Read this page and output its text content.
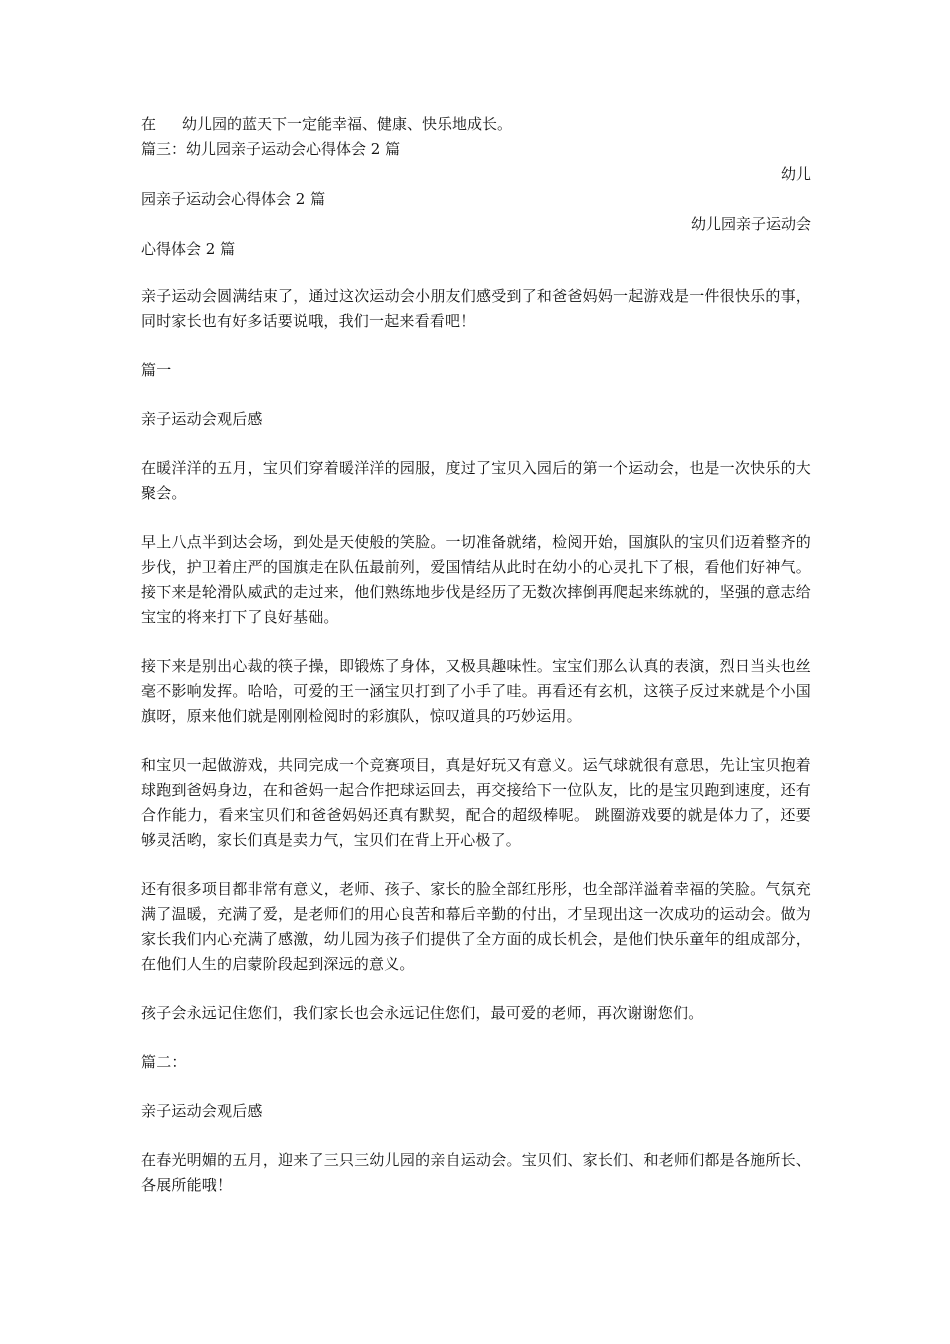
在 幼儿园的蓝天下一定能幸福、健康、快乐地成长。
篇三：幼儿园亲子运动会心得体会 2 篇
幼儿
园亲子运动会心得体会 2 篇
幼儿园亲子运动会
心得体会 2 篇

亲子运动会圆满结束了，通过这次运动会小朋友们感受到了和爸爸妈妈一起游戏是一件很快乐的事，同时家长也有好多话要说哦，我们一起来看看吧！

篇一

亲子运动会观后感

在暖洋洋的五月，宝贝们穿着暖洋洋的园服，度过了宝贝入园后的第一个运动会，也是一次快乐的大聚会。

早上八点半到达会场，到处是天使般的笑脸。一切准备就绪，检阅开始，国旗队的宝贝们迈着整齐的步伐，护卫着庄严的国旗走在队伍最前列，爱国情结从此时在幼小的心灵扎下了根，看他们好神气。接下来是轮滑队威武的走过来，他们熟练地步伐是经历了无数次摔倒再爬起来练就的，坚强的意志给宝宝的将来打下了良好基础。

接下来是别出心裁的筷子操，即锻炼了身体，又极具趣味性。宝宝们那么认真的表演，烈日当头也丝毫不影响发挥。哈哈，可爱的王一涵宝贝打到了小手了哇。再看还有玄机，这筷子反过来就是个小国旗呀，原来他们就是刚刚检阅时的彩旗队，惊叹道具的巧妙运用。

和宝贝一起做游戏，共同完成一个竞赛项目，真是好玩又有意义。运气球就很有意思，先让宝贝抱着球跑到爸妈身边，在和爸妈一起合作把球运回去，再交接给下一位队友，比的是宝贝跑到速度，还有合作能力，看来宝贝们和爸爸妈妈还真有默契，配合的超级棒呢。 跳圈游戏要的就是体力了，还要够灵活哟，家长们真是卖力气，宝贝们在背上开心极了。

还有很多项目都非常有意义，老师、孩子、家长的脸全部红彤彤，也全部洋溢着幸福的笑脸。气氛充满了温暖，充满了爱，是老师们的用心良苦和幕后辛勤的付出，才呈现出这一次成功的运动会。做为家长我们内心充满了感激，幼儿园为孩子们提供了全方面的成长机会，是他们快乐童年的组成部分，在他们人生的启蒙阶段起到深远的意义。

孩子会永远记住您们，我们家长也会永远记住您们，最可爱的老师，再次谢谢您们。

篇二：

亲子运动会观后感

在春光明媚的五月，迎来了三只三幼儿园的亲自运动会。宝贝们、家长们、和老师们都是各施所长、各展所能哦！
